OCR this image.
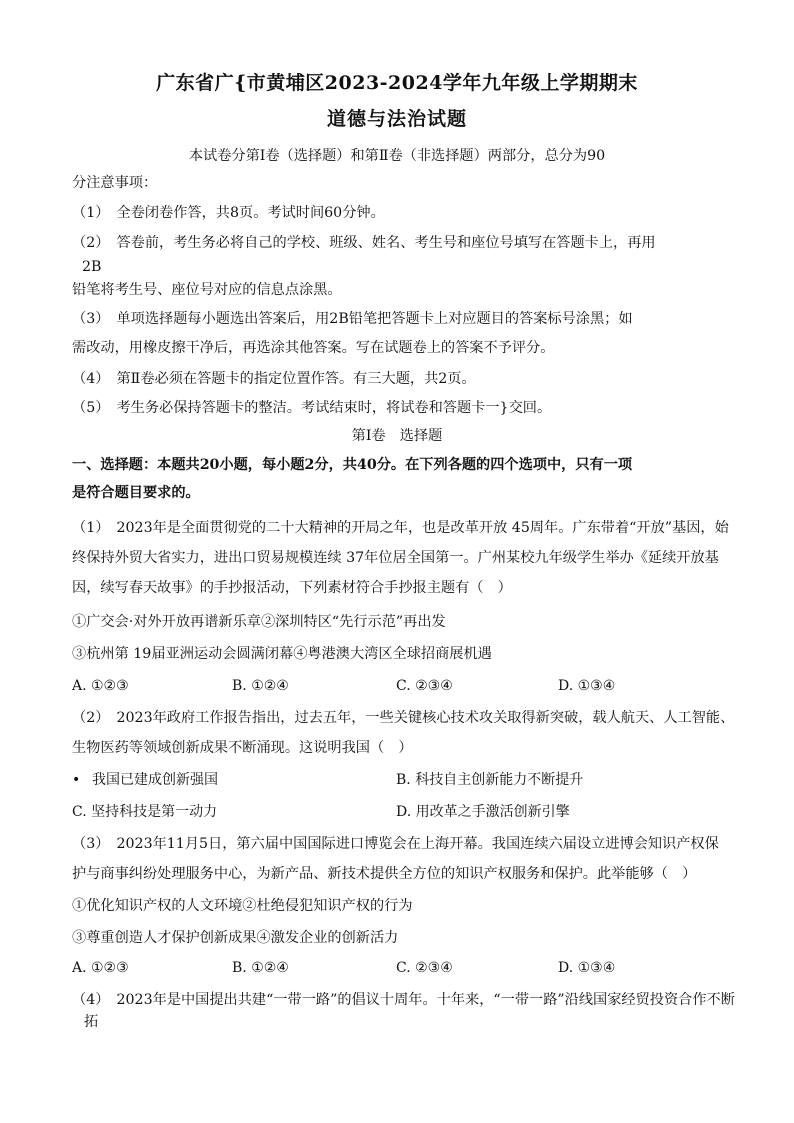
广东省广{市黄埔区2023-2024学年九年级上学期期末
道德与法治试题
本试卷分第Ⅰ卷（选择题）和第Ⅱ卷（非选择题）两部分，总分为90
分注意事项：
（1）　全卷闭卷作答，共8页。考试时间60分钟。
（2）　答卷前，考生务必将自己的学校、班级、姓名、考生号和座位号填写在答题卡上，再用
2B
铅笔将考生号、座位号对应的信息点涂黑。
（3）　单项选择题每小题选出答案后，用2B铅笔把答题卡上对应题目的答案标号涂黑；如
需改动，用橡皮擦干净后，再选涂其他答案。写在试题卷上的答案不予评分。
（4）　第Ⅱ卷必须在答题卡的指定位置作答。有三大题，共2页。
（5）　考生务必保持答题卡的整洁。考试结束时，将试卷和答题卡一}交回。
第Ⅰ卷　选择题
一、选择题：本题共20小题，每小题2分，共40分。在下列各题的四个选项中，只有一项
是符合题目要求的。
（1）　2023年是全面贯彻党的二十大精神的开局之年，也是改革开放 45周年。广东带着“开放”基因，始
终保持外贸大省实力，进出口贸易规模连续 37年位居全国第一。广州某校九年级学生举办《延续开放基
因，续写春天故事》的手抄报活动，下列素材符合手抄报主题有（　）
①广交会·对外开放再谱新乐章②深圳特区“先行示范”再出发
③杭州第 19届亚洲运动会圆满闭幕④粤港澳大湾区全球招商展机遇
A. ①②③	B. ①②④	C. ②③④	D. ①③④
（2）　2023年政府工作报告指出，过去五年，一些关键核心技术攻关取得新突破，载人航天、人工智能、
生物医药等领域创新成果不断涌现。这说明我国（　）
• 我国已建成创新强国	B. 科技自主创新能力不断提升
C. 坚持科技是第一动力	D. 用改革之手激活创新引擎
（3）　2023年11月5日，第六届中国国际进口博览会在上海开幕。我国连续六届设立进博会知识产权保
护与商事纠纷处理服务中心，为新产品、新技术提供全方位的知识产权服务和保护。此举能够（　）
①优化知识产权的人文环境②杜绝侵犯知识产权的行为
③尊重创造人才保护创新成果④激发企业的创新活力
A. ①②③	B. ①②④	C. ②③④	D. ①③④
（4）　2023年是中国提出共建“一带一路”的倡议十周年。十年来，“一带一路”沿线国家经贸投资合作不断
拓
